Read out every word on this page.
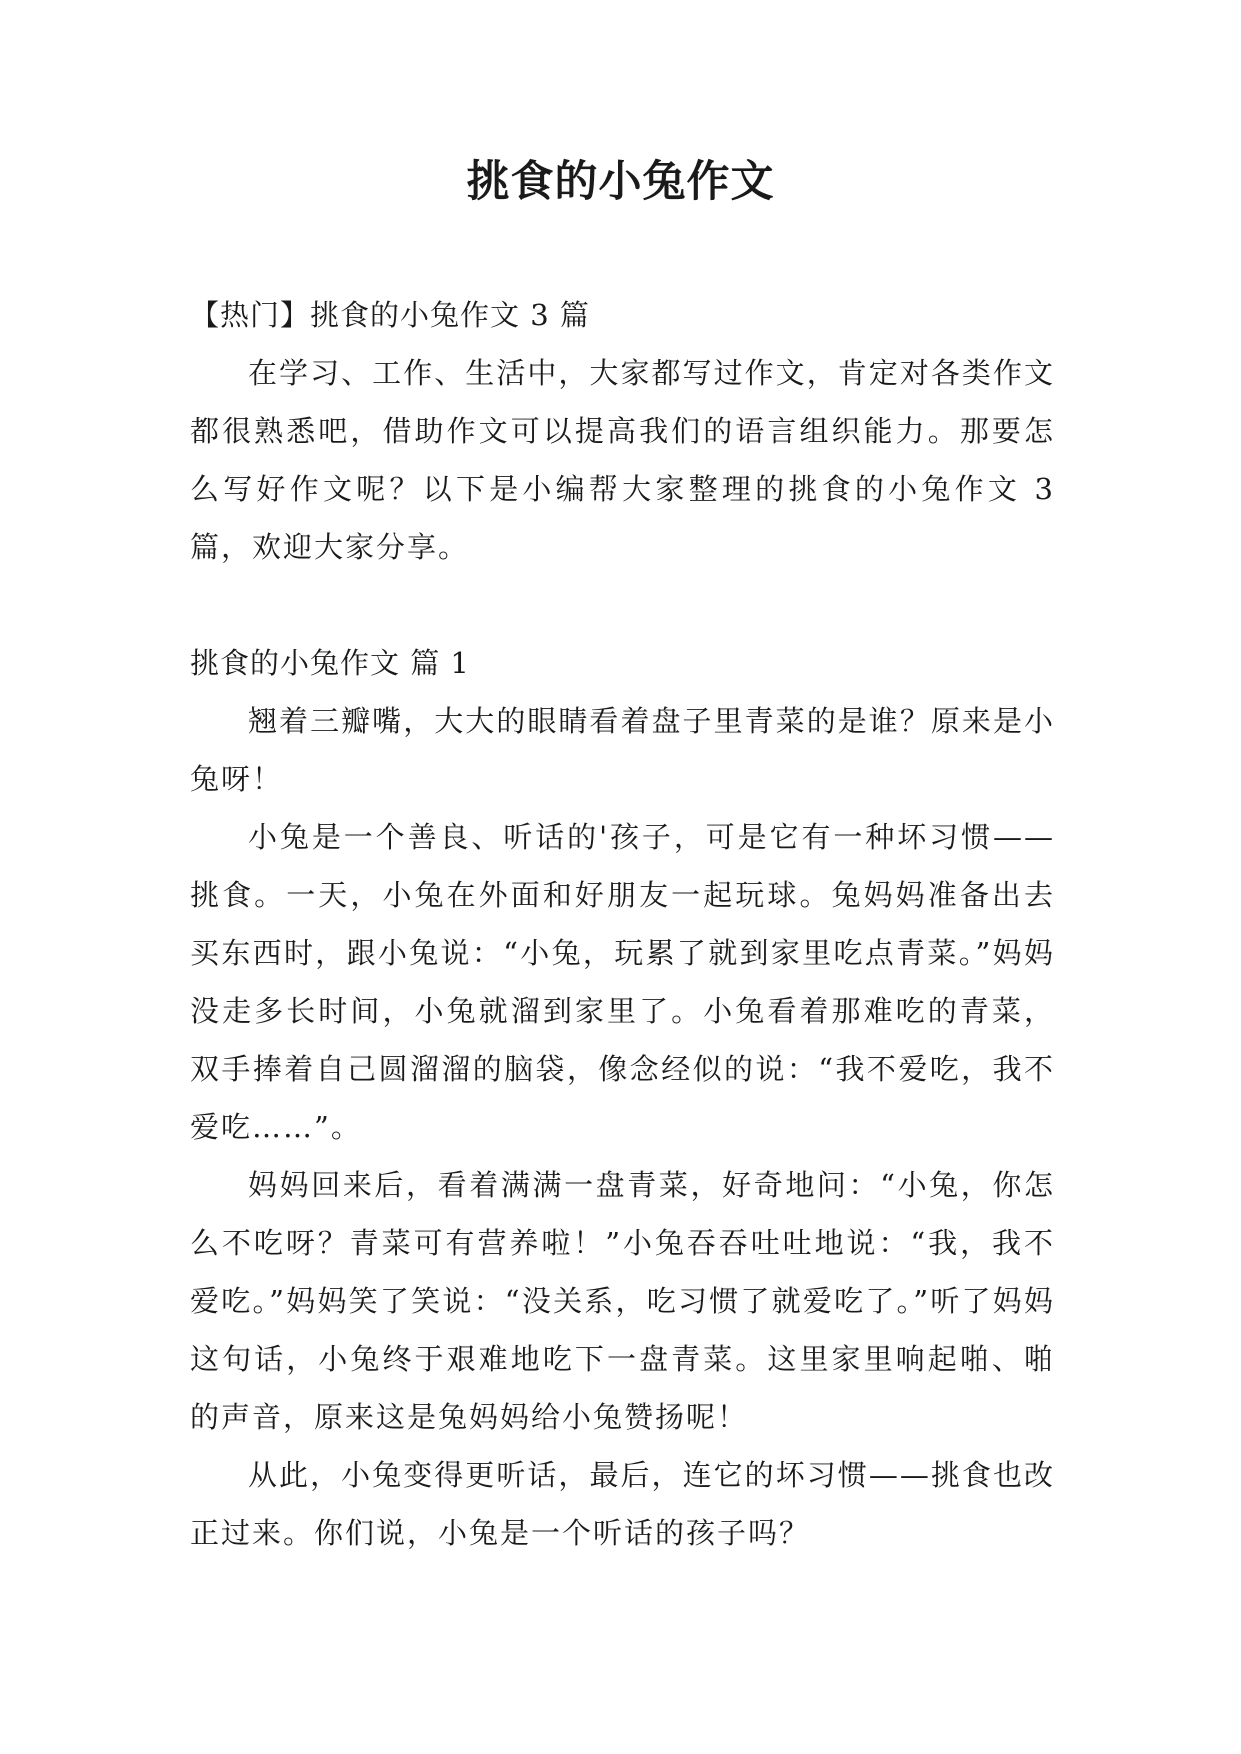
挑食的小兔作文

【热门】挑食的小兔作文 3 篇

在学习、工作、生活中，大家都写过作文，肯定对各类作文都很熟悉吧，借助作文可以提高我们的语言组织能力。那要怎么写好作文呢？以下是小编帮大家整理的挑食的小兔作文 3 篇，欢迎大家分享。

挑食的小兔作文 篇 1

翘着三瓣嘴，大大的眼睛看着盘子里青菜的是谁？原来是小兔呀！

小兔是一个善良、听话的'孩子，可是它有一种坏习惯——挑食。一天，小兔在外面和好朋友一起玩球。兔妈妈准备出去买东西时，跟小兔说：“小兔，玩累了就到家里吃点青菜。”妈妈没走多长时间，小兔就溜到家里了。小兔看着那难吃的青菜，双手捧着自己圆溜溜的脑袋，像念经似的说：“我不爱吃，我不爱吃……”。

妈妈回来后，看着满满一盘青菜，好奇地问：“小兔，你怎么不吃呀？青菜可有营养啦！”小兔吞吞吐吐地说：“我，我不爱吃。”妈妈笑了笑说：“没关系，吃习惯了就爱吃了。”听了妈妈这句话，小兔终于艰难地吃下一盘青菜。这里家里响起啪、啪的声音，原来这是兔妈妈给小兔赞扬呢！

从此，小兔变得更听话，最后，连它的坏习惯——挑食也改正过来。你们说，小兔是一个听话的孩子吗？
